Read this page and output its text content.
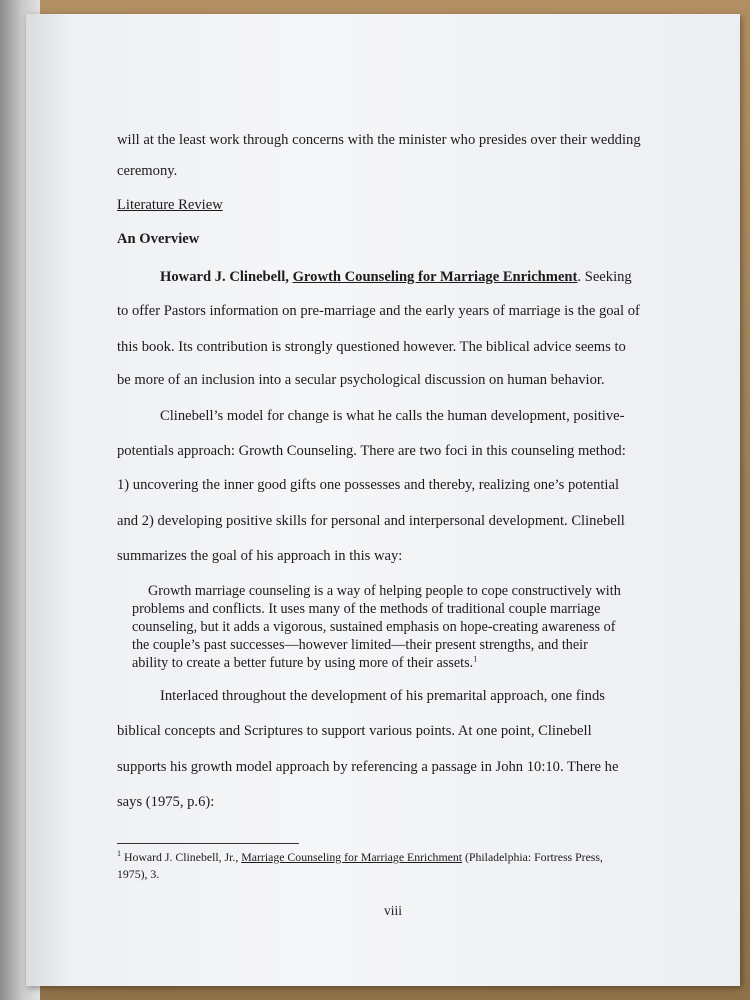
will at the least work through concerns with the minister who presides over their wedding
ceremony.
Literature Review
An Overview
Howard J. Clinebell, Growth Counseling for Marriage Enrichment. Seeking
to offer Pastors information on pre-marriage and the early years of marriage is the goal of
this book. Its contribution is strongly questioned however. The biblical advice seems to
be more of an inclusion into a secular psychological discussion on human behavior.
Clinebell’s model for change is what he calls the human development, positive-
potentials approach: Growth Counseling. There are two foci in this counseling method:
1) uncovering the inner good gifts one possesses and thereby, realizing one’s potential
and 2) developing positive skills for personal and interpersonal development. Clinebell
summarizes the goal of his approach in this way:
Growth marriage counseling is a way of helping people to cope constructively with
problems and conflicts. It uses many of the methods of traditional couple marriage
counseling, but it adds a vigorous, sustained emphasis on hope-creating awareness of
the couple’s past successes—however limited—their present strengths, and their
ability to create a better future by using more of their assets.$^1$
Interlaced throughout the development of his premarital approach, one finds
biblical concepts and Scriptures to support various points. At one point, Clinebell
supports his growth model approach by referencing a passage in John 10:10. There he
says (1975, p.6):
$^1$ Howard J. Clinebell, Jr., Marriage Counseling for Marriage Enrichment (Philadelphia: Fortress Press,
1975), 3.
viii
